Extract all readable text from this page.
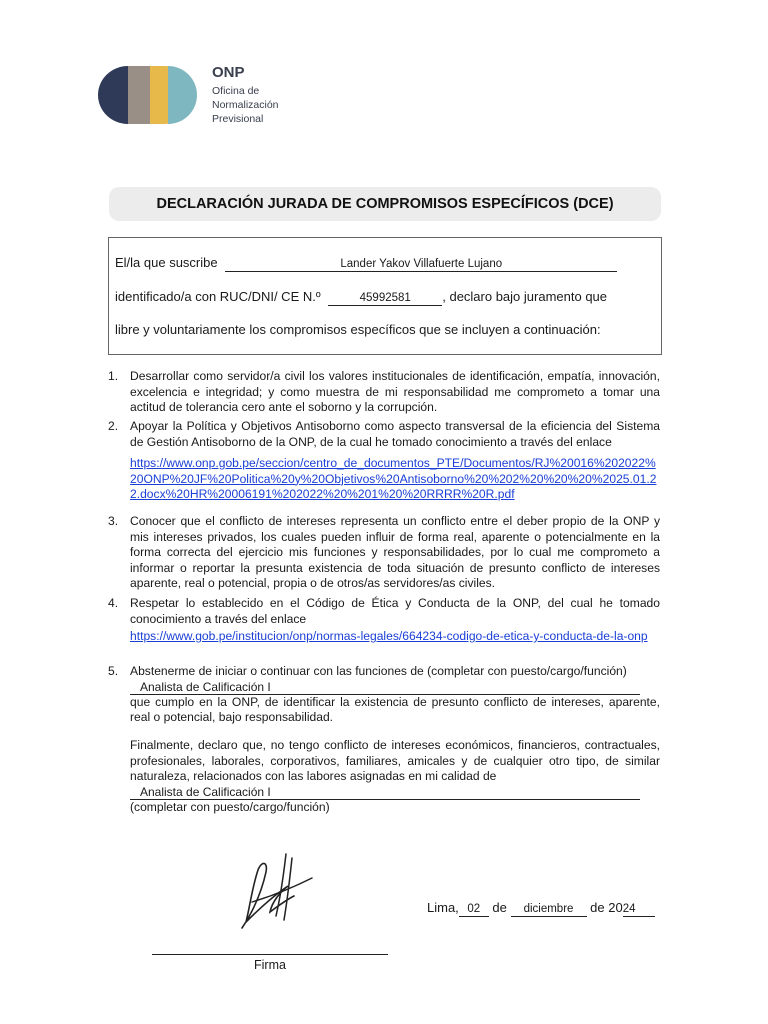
ONP
Oficina de
Normalización
Previsional
DECLARACIÓN JURADA DE COMPROMISOS ESPECÍFICOS (DCE)
El/la que suscribe	Lander Yakov Villafuerte Lujano
identificado/a con RUC/DNI/ CE N.º	45992581 , declaro bajo juramento que
libre y voluntariamente los compromisos específicos que se incluyen a continuación:
1. Desarrollar como servidor/a civil los valores institucionales de identificación, empatía, innovación, excelencia e integridad; y como muestra de mi responsabilidad me comprometo a tomar una actitud de tolerancia cero ante el soborno y la corrupción.
2. Apoyar la Política y Objetivos Antisoborno como aspecto transversal de la eficiencia del Sistema de Gestión Antisoborno de la ONP, de la cual he tomado conocimiento a través del enlace
https://www.onp.gob.pe/seccion/centro_de_documentos_PTE/Documentos/RJ%20016%202022%20ONP%20JF%20Politica%20y%20Objetivos%20Antisoborno%20%202%20%20%20%2025.01.22.docx%20HR%20006191%202022%20%201%20%20RRRR%20R.pdf
3. Conocer que el conflicto de intereses representa un conflicto entre el deber propio de la ONP y mis intereses privados, los cuales pueden influir de forma real, aparente o potencialmente en la forma correcta del ejercicio mis funciones y responsabilidades, por lo cual me comprometo a informar o reportar la presunta existencia de toda situación de presunto conflicto de intereses aparente, real o potencial, propia o de otros/as servidores/as civiles.
4. Respetar lo establecido en el Código de Ética y Conducta de la ONP, del cual he tomado conocimiento a través del enlace
https://www.gob.pe/institucion/onp/normas-legales/664234-codigo-de-etica-y-conducta-de-la-onp
5. Abstenerme de iniciar o continuar con las funciones de (completar con puesto/cargo/función)
Analista de Calificación I
que cumplo en la ONP, de identificar la existencia de presunto conflicto de intereses, aparente, real o potencial, bajo responsabilidad.
Finalmente, declaro que, no tengo conflicto de intereses económicos, financieros, contractuales, profesionales, laborales, corporativos, familiares, amicales y de cualquier otro tipo, de similar naturaleza, relacionados con las labores asignadas en mi calidad de
Analista de Calificación I
(completar con puesto/cargo/función)
Firma
Lima, 02 de diciembre de 2024
